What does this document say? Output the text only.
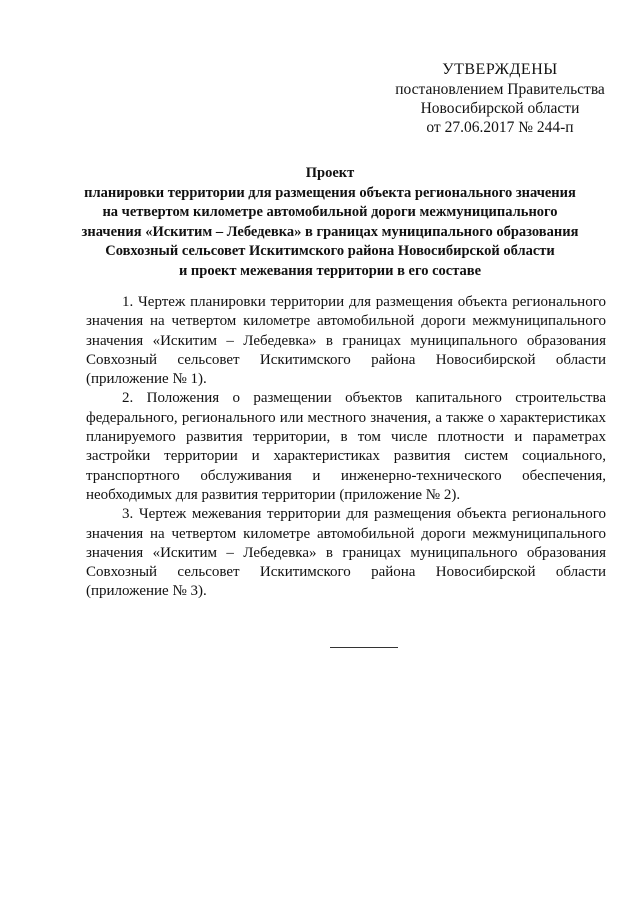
УТВЕРЖДЕНЫ
постановлением Правительства
Новосибирской области
от 27.06.2017 № 244-п
Проект
планировки территории для размещения объекта регионального значения
на четвертом километре автомобильной дороги межмуниципального
значения «Искитим – Лебедевка» в границах муниципального образования
Совхозный сельсовет Искитимского района Новосибирской области
и проект межевания территории в его составе

1. Чертеж планировки территории для размещения объекта регионального значения на четвертом километре автомобильной дороги межмуниципального значения «Искитим – Лебедевка» в границах муниципального образования Совхозный сельсовет Искитимского района Новосибирской области (приложение № 1).

2. Положения о размещении объектов капитального строительства федерального, регионального или местного значения, а также о характеристиках планируемого развития территории, в том числе плотности и параметрах застройки территории и характеристиках развития систем социального, транспортного обслуживания и инженерно-технического обеспечения, необходимых для развития территории (приложение № 2).

3. Чертеж межевания территории для размещения объекта регионального значения на четвертом километре автомобильной дороги межмуниципального значения «Искитим – Лебедевка» в границах муниципального образования Совхозный сельсовет Искитимского района Новосибирской области (приложение № 3).
